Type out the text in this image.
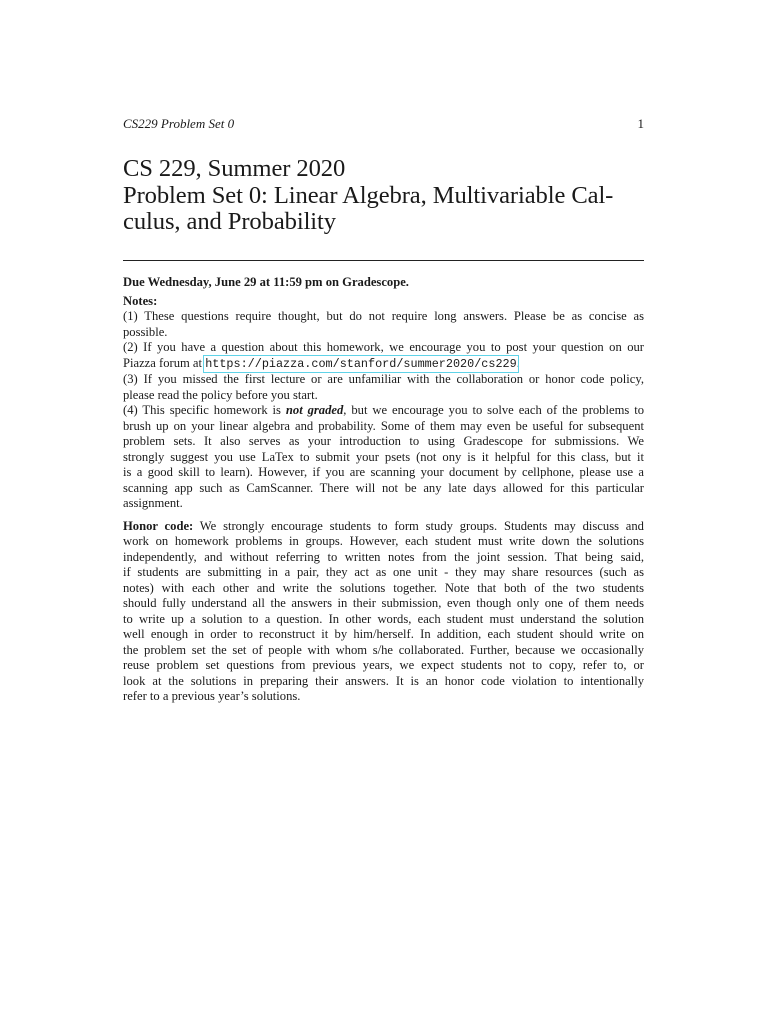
CS229 Problem Set 0	1
CS 229, Summer 2020
Problem Set 0: Linear Algebra, Multivariable Cal-
culus, and Probability

Due Wednesday, June 29 at 11:59 pm on Gradescope.

Notes:
(1) These questions require thought, but do not require long answers. Please be as concise as
possible.
(2) If you have a question about this homework, we encourage you to post your question on our
Piazza forum at https://piazza.com/stanford/summer2020/cs229.
(3) If you missed the first lecture or are unfamiliar with the collaboration or honor code policy,
please read the policy before you start.
(4) This specific homework is not graded, but we encourage you to solve each of the problems to
brush up on your linear algebra and probability. Some of them may even be useful for subsequent
problem sets. It also serves as your introduction to using Gradescope for submissions. We
strongly suggest you use LaTex to submit your psets (not ony is it helpful for this class, but it
is a good skill to learn). However, if you are scanning your document by cellphone, please use a
scanning app such as CamScanner. There will not be any late days allowed for this particular
assignment.

Honor code: We strongly encourage students to form study groups. Students may discuss and
work on homework problems in groups. However, each student must write down the solutions
independently, and without referring to written notes from the joint session. That being said,
if students are submitting in a pair, they act as one unit - they may share resources (such as
notes) with each other and write the solutions together. Note that both of the two students
should fully understand all the answers in their submission, even though only one of them needs
to write up a solution to a question. In other words, each student must understand the solution
well enough in order to reconstruct it by him/herself. In addition, each student should write on
the problem set the set of people with whom s/he collaborated. Further, because we occasionally
reuse problem set questions from previous years, we expect students not to copy, refer to, or
look at the solutions in preparing their answers. It is an honor code violation to intentionally
refer to a previous year’s solutions.
